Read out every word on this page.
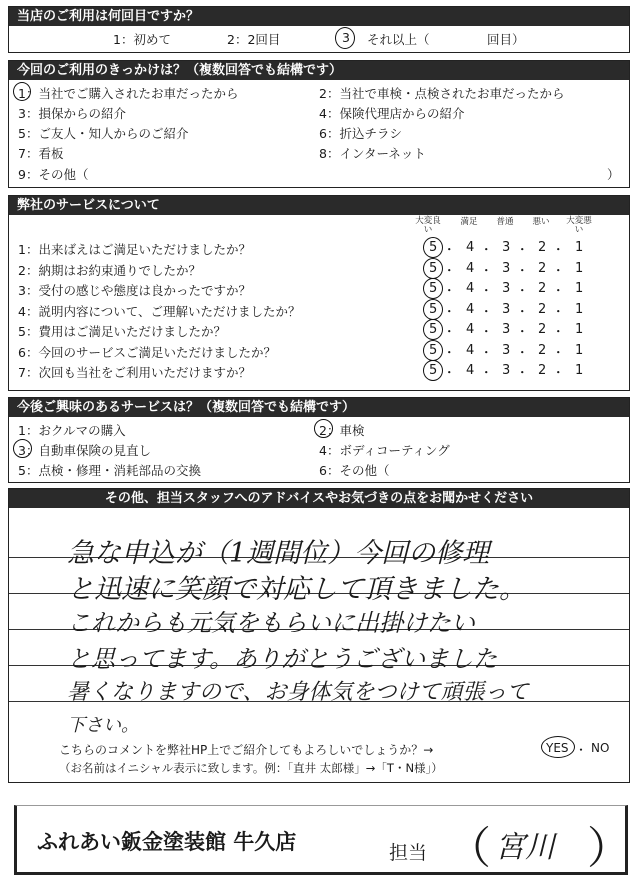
当店のご利用は何回目ですか？
1：初めて	2：2回目	3 それ以上（	回目）
今回のご利用のきっかけは？（複数回答でも結構です）
1：当社でご購入されたお車だったから	2：当社で車検・点検されたお車だったから
3：損保からの紹介	4：保険代理店からの紹介
5：ご友人・知人からのご紹介	6：折込チラシ
7：看板	8：インターネット
9：その他（	）
弊社のサービスについて
大変良い
満足	普通	悪い	大変悪い
1：出来ばえはご満足いただけましたか？	5 ・ 4 ・ 3 ・ 2 ・ 1
2：納期はお約束通りでしたか？	5 ・ 4 ・ 3 ・ 2 ・ 1
3：受付の感じや態度は良かったですか？	5 ・ 4 ・ 3 ・ 2 ・ 1
4：説明内容について、ご理解いただけましたか？	5 ・ 4 ・ 3 ・ 2 ・ 1
5：費用はご満足いただけましたか？	5 ・ 4 ・ 3 ・ 2 ・ 1
6：今回のサービスご満足いただけましたか？	5 ・ 4 ・ 3 ・ 2 ・ 1
7：次回も当社をご利用いただけますか？	5 ・ 4 ・ 3 ・ 2 ・ 1
今後ご興味のあるサービスは？（複数回答でも結構です）
1：おクルマの購入	2：車検
3：自動車保険の見直し	4：ボディコーティング
5：点検・修理・消耗部品の交換	6：その他（
その他、担当スタッフへのアドバイスやお気づきの点をお聞かせください
急な申込が（1週間位）今回の修理
と迅速に笑顔で対応して頂きました。
これからも元気をもらいに出掛けたい
と思ってます。ありがとうございました
暑くなりますので、お身体気をつけて頑張って
下さい。
こちらのコメントを弊社HP上でご紹介してもよろしいでしょうか？→	YES ・ NO
（お名前はイニシャル表示に致します。例：「直井 太郎様」→「T・N様」）
ふれあい鈑金塗装館 牛久店	担当 （ 宮川 ）
